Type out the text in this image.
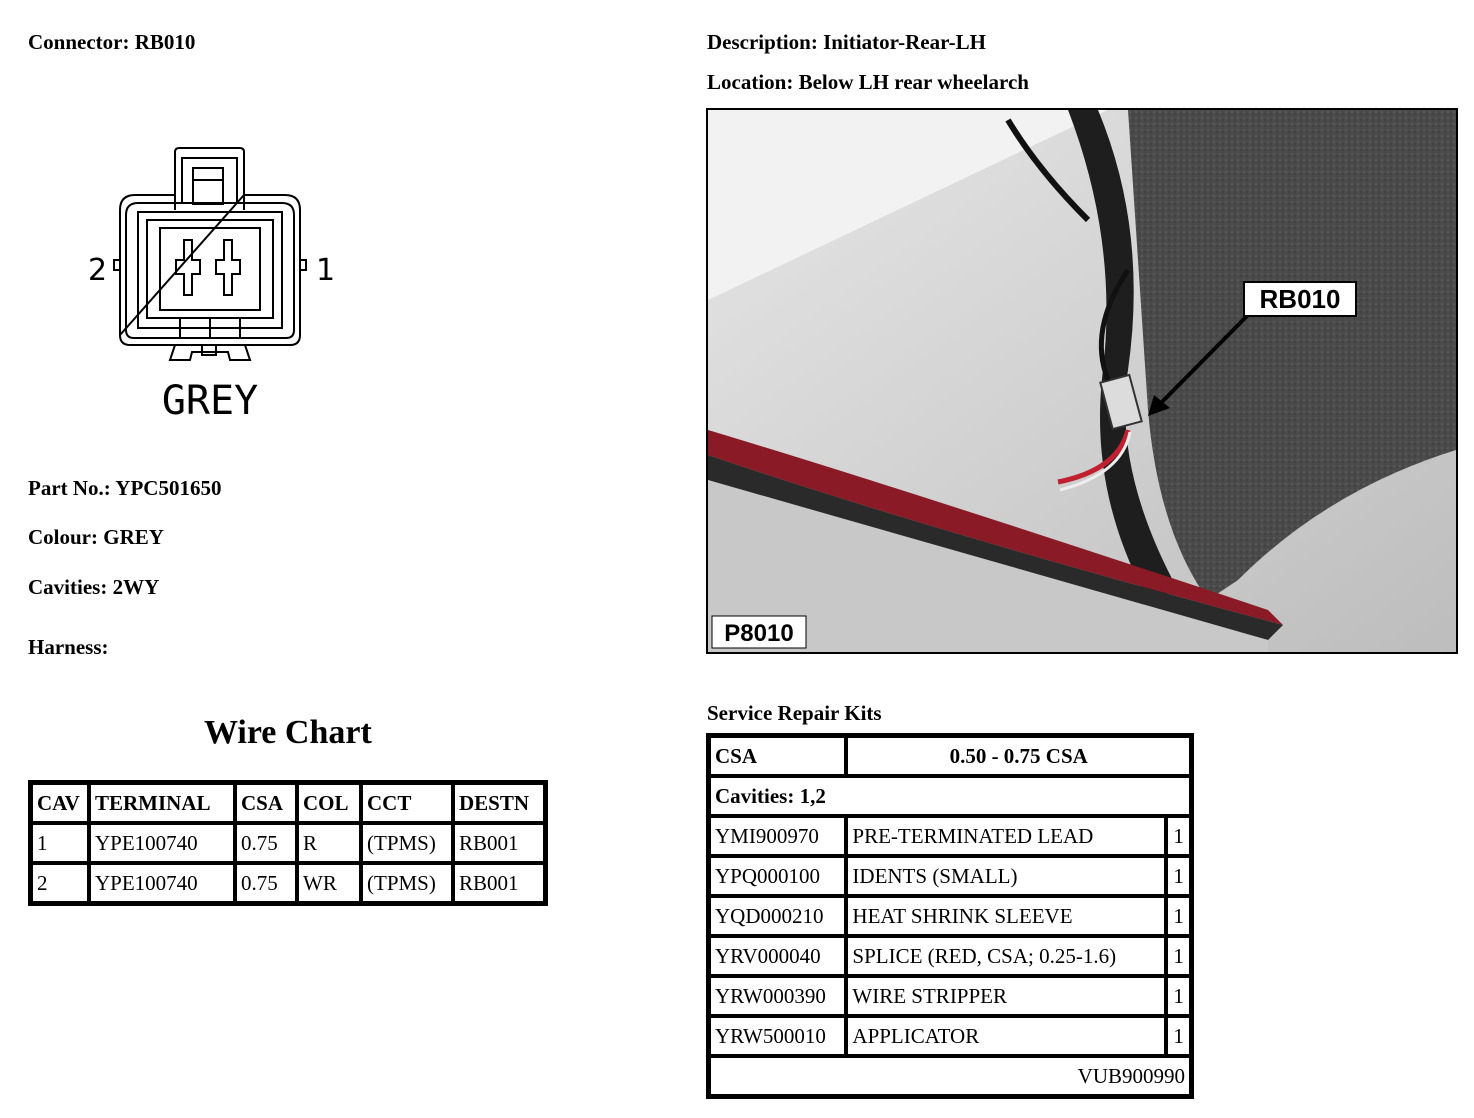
Connector: RB010	Description: Initiator-Rear-LH
Location: Below LH rear wheelarch
2	1
GREY
Part No.: YPC501650
Colour: GREY
Cavities: 2WY
Harness:
RB010
P8010
Wire Chart
CAV	TERMINAL	CSA	COL	CCT	DESTN
1	YPE100740	0.75	R	(TPMS)	RB001
2	YPE100740	0.75	WR	(TPMS)	RB001
Service Repair Kits
CSA	0.50 - 0.75 CSA	
Cavities: 1,2		
YMI900970	PRE-TERMINATED LEAD	1
YPQ000100	IDENTS (SMALL)	1
YQD000210	HEAT SHRINK SLEEVE	1
YRV000040	SPLICE (RED, CSA; 0.25-1.6)	1
YRW000390	WIRE STRIPPER	1
YRW500010	APPLICATOR	1
VUB900990		
